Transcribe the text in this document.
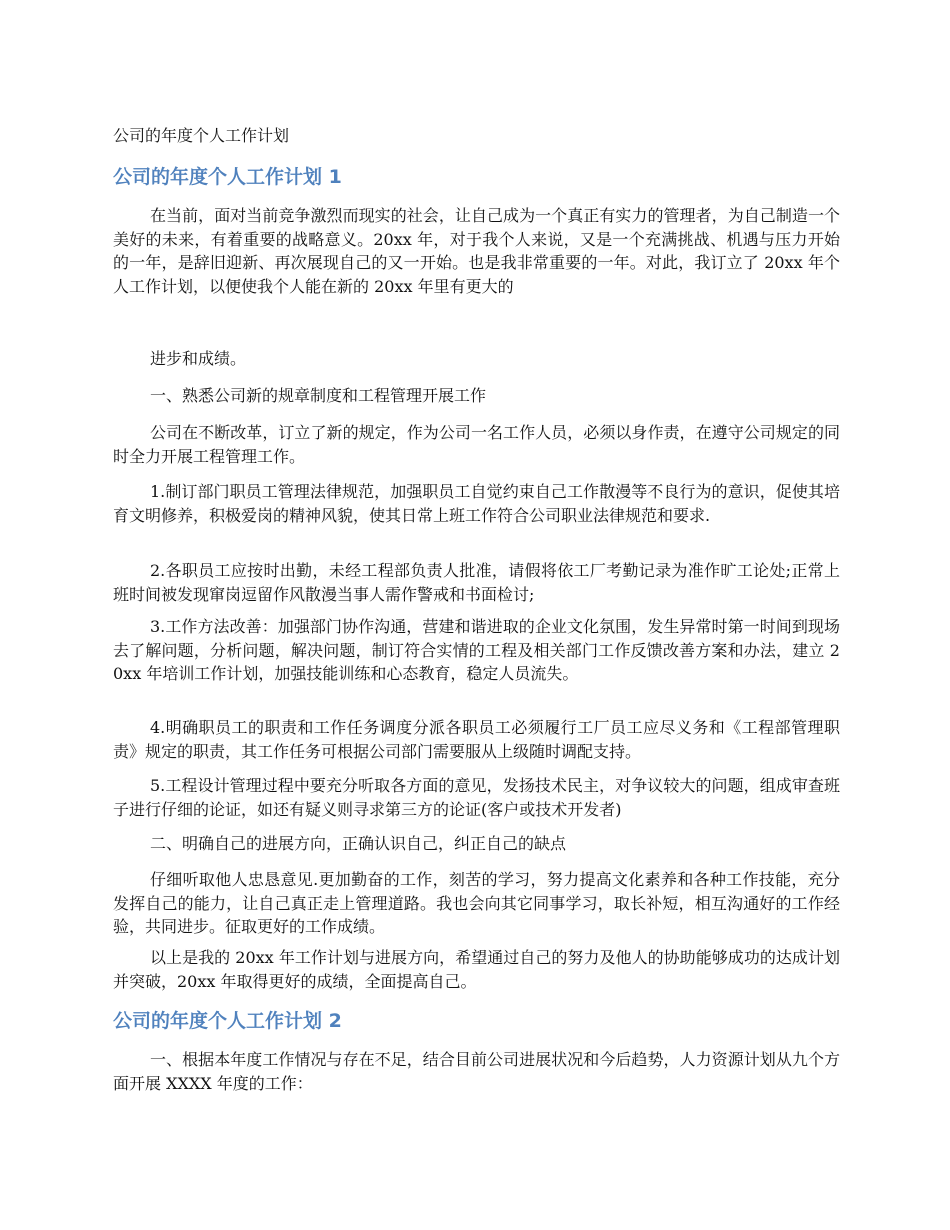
公司的年度个人工作计划

公司的年度个人工作计划 1

在当前，面对当前竞争激烈而现实的社会，让自己成为一个真正有实力的管理者，为自己制造一个美好的未来，有着重要的战略意义。20xx 年，对于我个人来说，又是一个充满挑战、机遇与压力开始的一年，是辞旧迎新、再次展现自己的又一开始。也是我非常重要的一年。对此，我订立了 20xx 年个人工作计划，以便使我个人能在新的 20xx 年里有更大的

进步和成绩。

一、熟悉公司新的规章制度和工程管理开展工作

公司在不断改革，订立了新的规定，作为公司一名工作人员，必须以身作责，在遵守公司规定的同时全力开展工程管理工作。

1.制订部门职员工管理法律规范，加强职员工自觉约束自己工作散漫等不良行为的意识，促使其培育文明修养，积极爱岗的精神风貌，使其日常上班工作符合公司职业法律规范和要求.

2.各职员工应按时出勤，未经工程部负责人批准，请假将依工厂考勤记录为准作旷工论处;正常上班时间被发现窜岗逗留作风散漫当事人需作警戒和书面检讨;

3.工作方法改善：加强部门协作沟通，营建和谐进取的企业文化氛围，发生异常时第一时间到现场去了解问题，分析问题，解决问题，制订符合实情的工程及相关部门工作反馈改善方案和办法，建立 20xx 年培训工作计划，加强技能训练和心态教育，稳定人员流失。

4.明确职员工的职责和工作任务调度分派各职员工必须履行工厂员工应尽义务和《工程部管理职责》规定的职责，其工作任务可根据公司部门需要服从上级随时调配支持。

5.工程设计管理过程中要充分听取各方面的意见，发扬技术民主，对争议较大的问题，组成审查班子进行仔细的论证，如还有疑义则寻求第三方的论证(客户或技术开发者)

二、明确自己的进展方向，正确认识自己，纠正自己的缺点

仔细听取他人忠恳意见.更加勤奋的工作，刻苦的学习，努力提高文化素养和各种工作技能，充分发挥自己的能力，让自己真正走上管理道路。我也会向其它同事学习，取长补短，相互沟通好的工作经验，共同进步。征取更好的工作成绩。

以上是我的 20xx 年工作计划与进展方向，希望通过自己的努力及他人的协助能够成功的达成计划并突破，20xx 年取得更好的成绩，全面提高自己。

公司的年度个人工作计划 2

一、根据本年度工作情况与存在不足，结合目前公司进展状况和今后趋势，人力资源计划从九个方面开展 XXXX 年度的工作：
